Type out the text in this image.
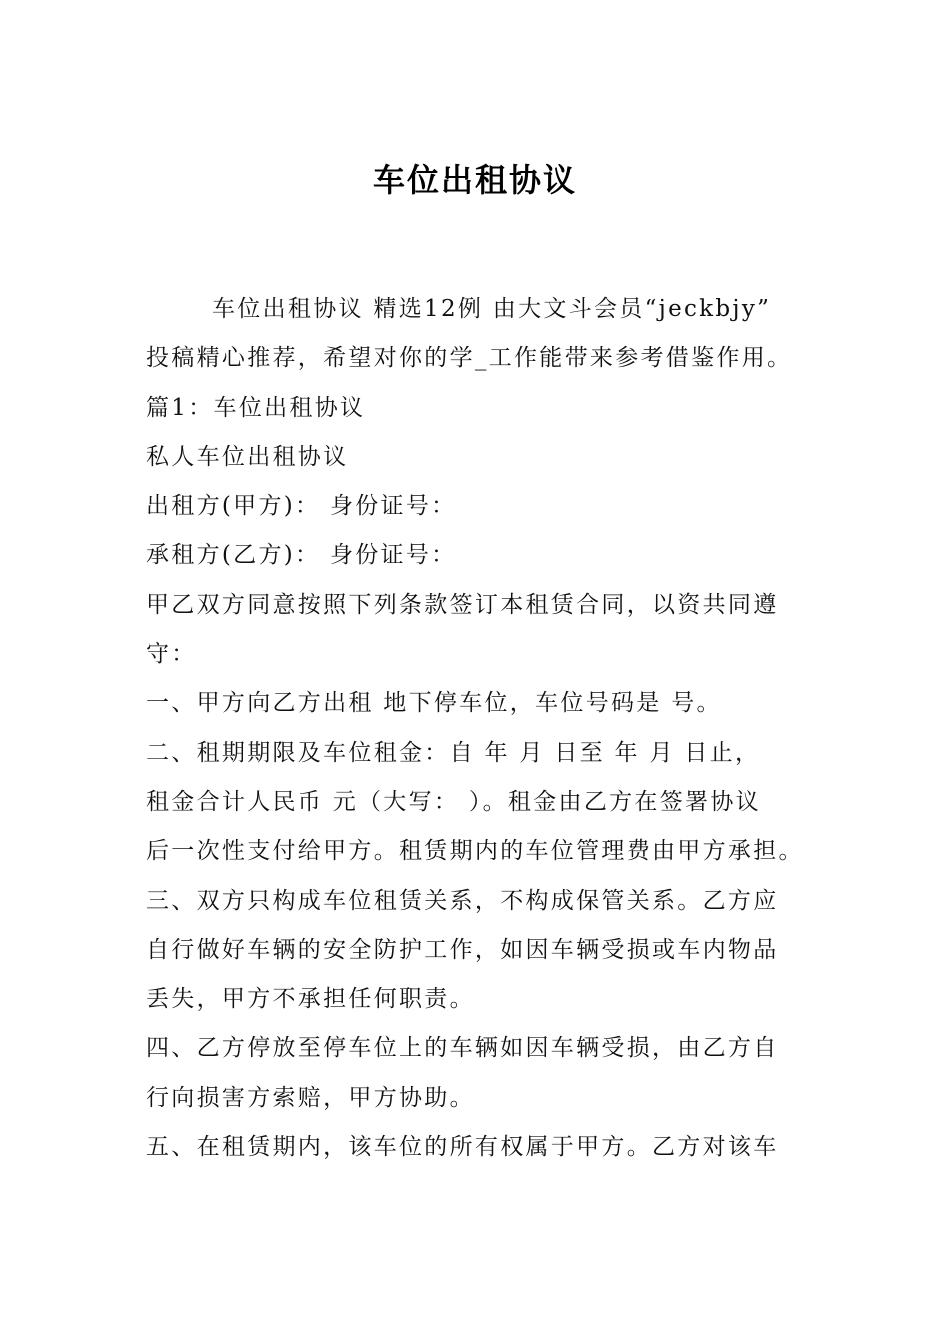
车位出租协议
车位出租协议 精选12例 由大文斗会员“jeckbjy”
投稿精心推荐，希望对你的学_工作能带来参考借鉴作用。
篇1：车位出租协议
私人车位出租协议
出租方(甲方)： 身份证号：
承租方(乙方)： 身份证号：
甲乙双方同意按照下列条款签订本租赁合同，以资共同遵
守：
一、甲方向乙方出租 地下停车位，车位号码是 号。
二、租期期限及车位租金：自 年 月 日至 年 月 日止，
租金合计人民币 元（大写： ）。租金由乙方在签署协议
后一次性支付给甲方。租赁期内的车位管理费由甲方承担。
三、双方只构成车位租赁关系，不构成保管关系。乙方应
自行做好车辆的安全防护工作，如因车辆受损或车内物品
丢失，甲方不承担任何职责。
四、乙方停放至停车位上的车辆如因车辆受损，由乙方自
行向损害方索赔，甲方协助。
五、在租赁期内，该车位的所有权属于甲方。乙方对该车
